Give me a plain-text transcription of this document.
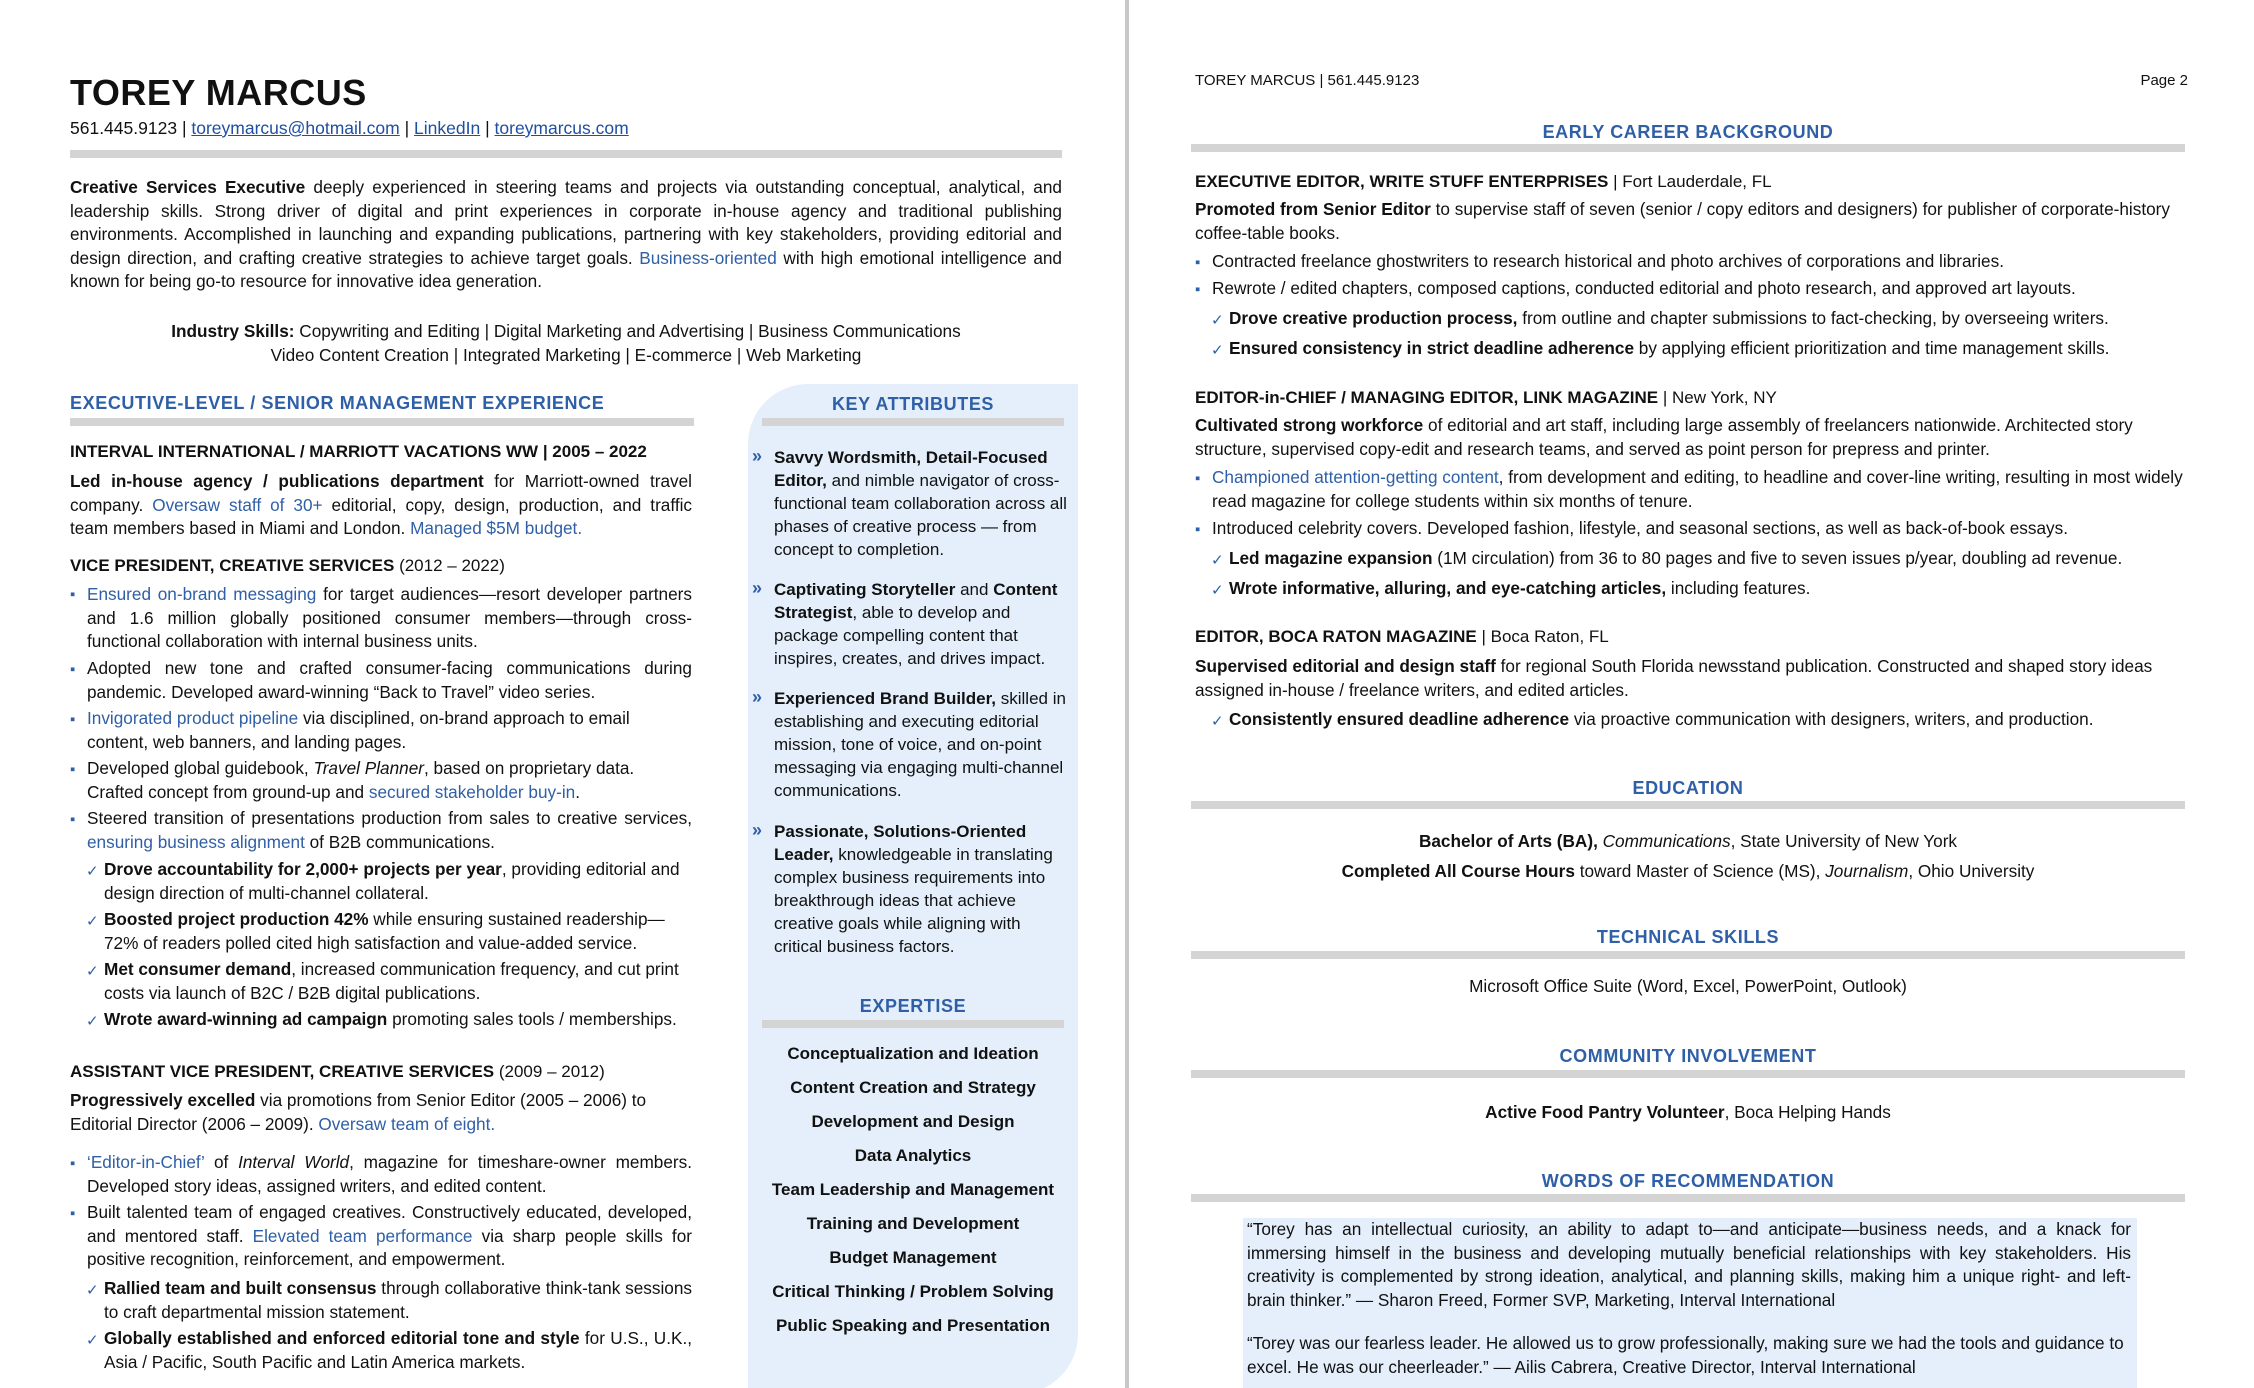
TOREY MARCUS
561.445.9123 | toreymarcus@hotmail.com | LinkedIn | toreymarcus.com
Creative Services Executive deeply experienced in steering teams and projects via outstanding conceptual, analytical, and leadership skills. Strong driver of digital and print experiences in corporate in-house agency and traditional publishing environments. Accomplished in launching and expanding publications, partnering with key stakeholders, providing editorial and design direction, and crafting creative strategies to achieve target goals. Business-oriented with high emotional intelligence and known for being go-to resource for innovative idea generation.
Industry Skills: Copywriting and Editing | Digital Marketing and Advertising | Business Communications
Video Content Creation | Integrated Marketing | E-commerce | Web Marketing
EXECUTIVE-LEVEL / SENIOR MANAGEMENT EXPERIENCE
INTERVAL INTERNATIONAL / MARRIOTT VACATIONS WW | 2005 – 2022
Led in-house agency / publications department for Marriott-owned travel company. Oversaw staff of 30+ editorial, copy, design, production, and traffic team members based in Miami and London. Managed $5M budget.
VICE PRESIDENT, CREATIVE SERVICES (2012 – 2022)
▪ Ensured on-brand messaging for target audiences—resort developer partners and 1.6 million globally positioned consumer members—through cross-functional collaboration with internal business units.
▪ Adopted new tone and crafted consumer-facing communications during pandemic. Developed award-winning “Back to Travel” video series.
▪ Invigorated product pipeline via disciplined, on-brand approach to email content, web banners, and landing pages.
▪ Developed global guidebook, Travel Planner, based on proprietary data. Crafted concept from ground-up and secured stakeholder buy-in.
▪ Steered transition of presentations production from sales to creative services, ensuring business alignment of B2B communications.
✓ Drove accountability for 2,000+ projects per year, providing editorial and design direction of multi-channel collateral.
✓ Boosted project production 42% while ensuring sustained readership—72% of readers polled cited high satisfaction and value-added service.
✓ Met consumer demand, increased communication frequency, and cut print costs via launch of B2C / B2B digital publications.
✓ Wrote award-winning ad campaign promoting sales tools / memberships.
ASSISTANT VICE PRESIDENT, CREATIVE SERVICES (2009 – 2012)
Progressively excelled via promotions from Senior Editor (2005 – 2006) to Editorial Director (2006 – 2009). Oversaw team of eight.
▪ ‘Editor-in-Chief’ of Interval World, magazine for timeshare-owner members. Developed story ideas, assigned writers, and edited content.
▪ Built talented team of engaged creatives. Constructively educated, developed, and mentored staff. Elevated team performance via sharp people skills for positive recognition, reinforcement, and empowerment.
✓ Rallied team and built consensus through collaborative think-tank sessions to craft departmental mission statement.
✓ Globally established and enforced editorial tone and style for U.S., U.K., Asia / Pacific, South Pacific and Latin America markets.
KEY ATTRIBUTES
» Savvy Wordsmith, Detail-Focused Editor, and nimble navigator of cross-functional team collaboration across all phases of creative process — from concept to completion.
» Captivating Storyteller and Content Strategist, able to develop and package compelling content that inspires, creates, and drives impact.
» Experienced Brand Builder, skilled in establishing and executing editorial mission, tone of voice, and on-point messaging via engaging multi-channel communications.
» Passionate, Solutions-Oriented Leader, knowledgeable in translating complex business requirements into breakthrough ideas that achieve creative goals while aligning with critical business factors.
EXPERTISE
Conceptualization and Ideation
Content Creation and Strategy
Development and Design
Data Analytics
Team Leadership and Management
Training and Development
Budget Management
Critical Thinking / Problem Solving
Public Speaking and Presentation
TOREY MARCUS | 561.445.9123	Page 2
EARLY CAREER BACKGROUND
EXECUTIVE EDITOR, WRITE STUFF ENTERPRISES | Fort Lauderdale, FL
Promoted from Senior Editor to supervise staff of seven (senior / copy editors and designers) for publisher of corporate-history coffee-table books.
▪ Contracted freelance ghostwriters to research historical and photo archives of corporations and libraries.
▪ Rewrote / edited chapters, composed captions, conducted editorial and photo research, and approved art layouts.
✓ Drove creative production process, from outline and chapter submissions to fact-checking, by overseeing writers.
✓ Ensured consistency in strict deadline adherence by applying efficient prioritization and time management skills.
EDITOR-in-CHIEF / MANAGING EDITOR, LINK MAGAZINE | New York, NY
Cultivated strong workforce of editorial and art staff, including large assembly of freelancers nationwide. Architected story structure, supervised copy-edit and research teams, and served as point person for prepress and printer.
▪ Championed attention-getting content, from development and editing, to headline and cover-line writing, resulting in most widely read magazine for college students within six months of tenure.
▪ Introduced celebrity covers. Developed fashion, lifestyle, and seasonal sections, as well as back-of-book essays.
✓ Led magazine expansion (1M circulation) from 36 to 80 pages and five to seven issues p/year, doubling ad revenue.
✓ Wrote informative, alluring, and eye-catching articles, including features.
EDITOR, BOCA RATON MAGAZINE | Boca Raton, FL
Supervised editorial and design staff for regional South Florida newsstand publication. Constructed and shaped story ideas assigned in-house / freelance writers, and edited articles.
✓ Consistently ensured deadline adherence via proactive communication with designers, writers, and production.
EDUCATION
Bachelor of Arts (BA), Communications, State University of New York
Completed All Course Hours toward Master of Science (MS), Journalism, Ohio University
TECHNICAL SKILLS
Microsoft Office Suite (Word, Excel, PowerPoint, Outlook)
COMMUNITY INVOLVEMENT
Active Food Pantry Volunteer, Boca Helping Hands
WORDS OF RECOMMENDATION
“Torey has an intellectual curiosity, an ability to adapt to—and anticipate—business needs, and a knack for immersing himself in the business and developing mutually beneficial relationships with key stakeholders. His creativity is complemented by strong ideation, analytical, and planning skills, making him a unique right- and left-brain thinker.” — Sharon Freed, Former SVP, Marketing, Interval International
“Torey was our fearless leader. He allowed us to grow professionally, making sure we had the tools and guidance to excel. He was our cheerleader.” — Ailis Cabrera, Creative Director, Interval International
